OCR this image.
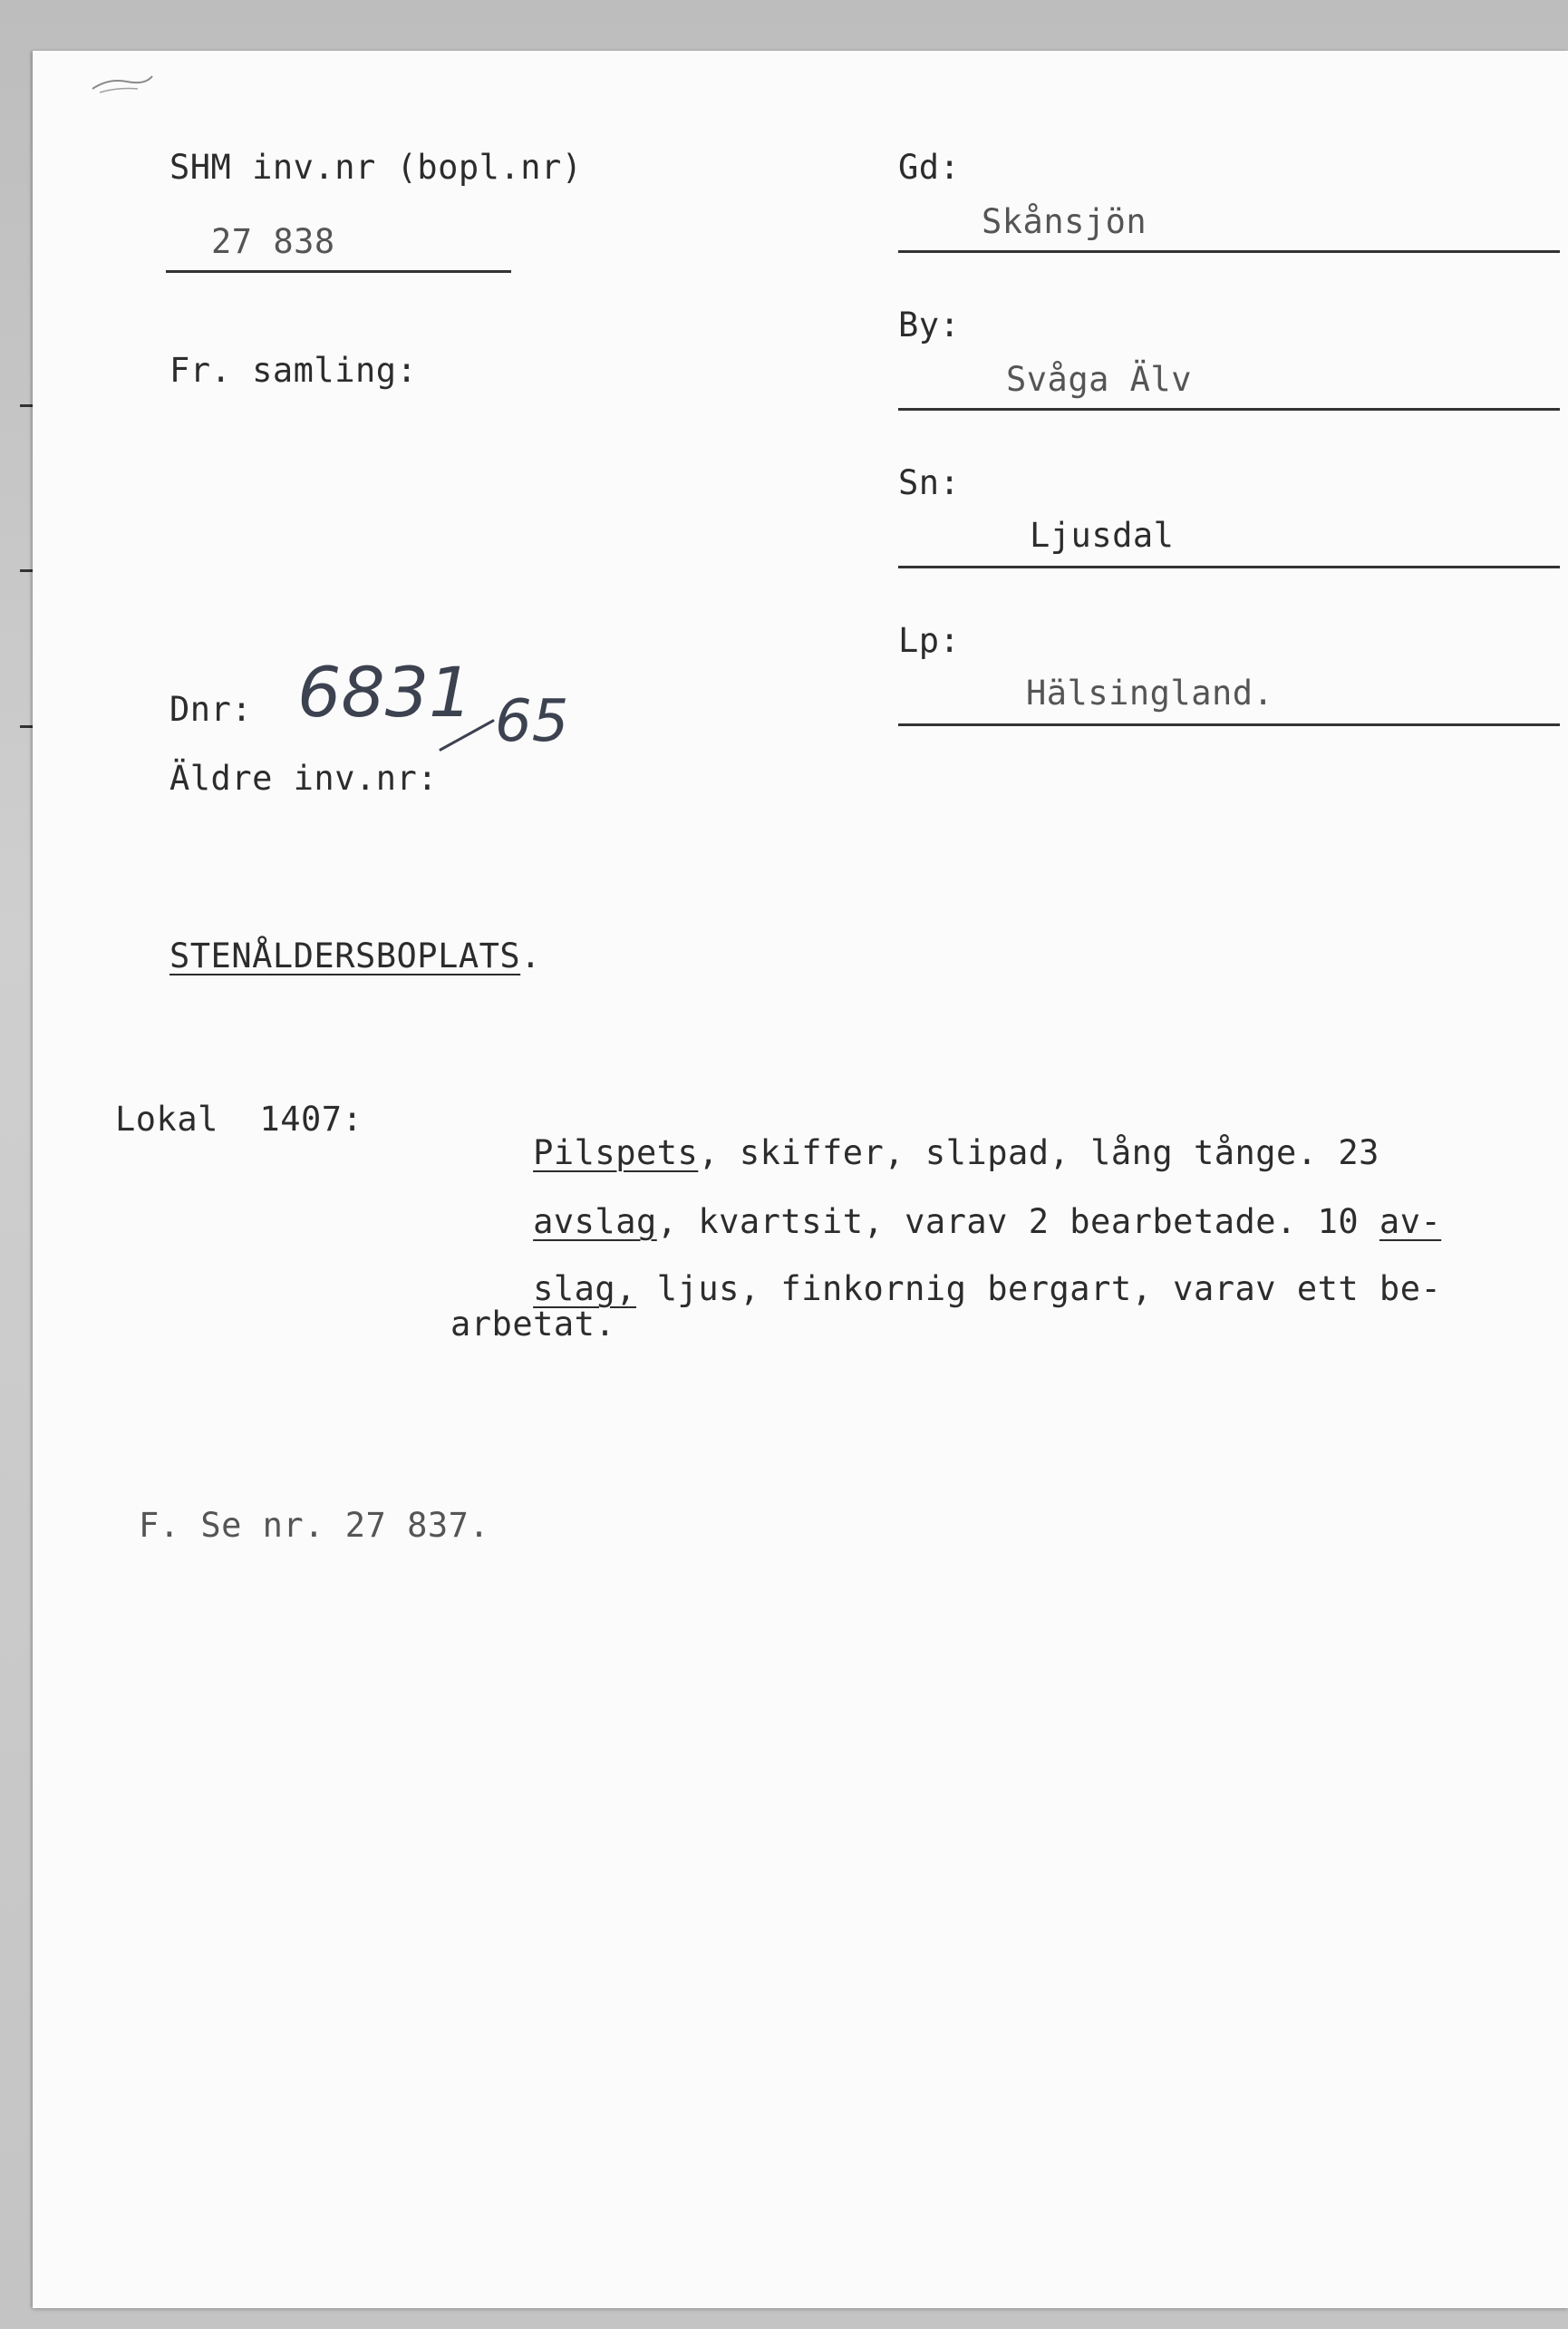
SHM inv.nr (bopl.nr)
27 838
Fr. samling:
Dnr: 6831 65
Äldre inv.nr:
Gd:
Skånsjön
By:
Svåga Älv
Sn:
Ljusdal
Lp:
Hälsingland.
STENÅLDERSBOPLATS.
Lokal  1407:

Pilspets, skiffer, slipad, lång tånge. 23

avslag, kvartsit, varav 2 bearbetade. 10 av-

slag, ljus, finkornig bergart, varav ett be-

arbetat.
F. Se nr. 27 837.
